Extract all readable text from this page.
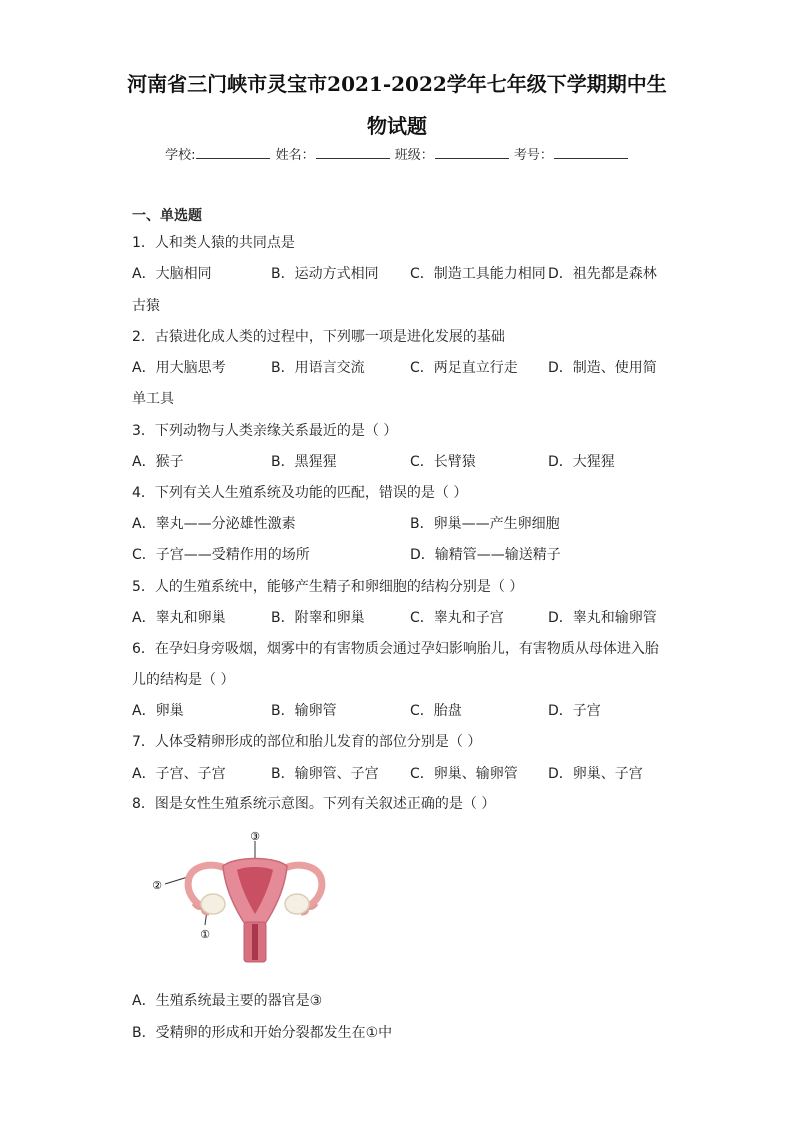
河南省三门峡市灵宝市2021-2022学年七年级下学期期中生
物试题
学校:	姓名：	班级：	考号：
一、单选题
1．人和类人猿的共同点是
A．大脑相同	B．运动方式相同 C．制造工具能力相同 D．祖先都是森林
古猿
2．古猿进化成人类的过程中，下列哪一项是进化发展的基础
A．用大脑思考	B．用语言交流	C．两足直立行走 D．制造、使用简
单工具
3．下列动物与人类亲缘关系最近的是（ ）
A．猴子	B．黑猩猩	C．长臂猿	D．大猩猩
4．下列有关人生殖系统及功能的匹配，错误的是（ ）
A．睾丸——分泌雄性激素	B．卵巢——产生卵细胞
C．子宫——受精作用的场所	D．输精管——输送精子
5．人的生殖系统中，能够产生精子和卵细胞的结构分别是（ ）
A．睾丸和卵巢	B．附睾和卵巢	C．睾丸和子宫	D．睾丸和输卵管
6．在孕妇身旁吸烟，烟雾中的有害物质会通过孕妇影响胎儿，有害物质从母体进入胎
儿的结构是（ ）
A．卵巢	B．输卵管	C．胎盘	D．子宫
7．人体受精卵形成的部位和胎儿发育的部位分别是（ ）
A．子宫、子宫	B．输卵管、子宫 C．卵巢、输卵管 D．卵巢、子宫
8．图是女性生殖系统示意图。下列有关叙述正确的是（ ）
③
②
①
A．生殖系统最主要的器官是③
B．受精卵的形成和开始分裂都发生在①中
